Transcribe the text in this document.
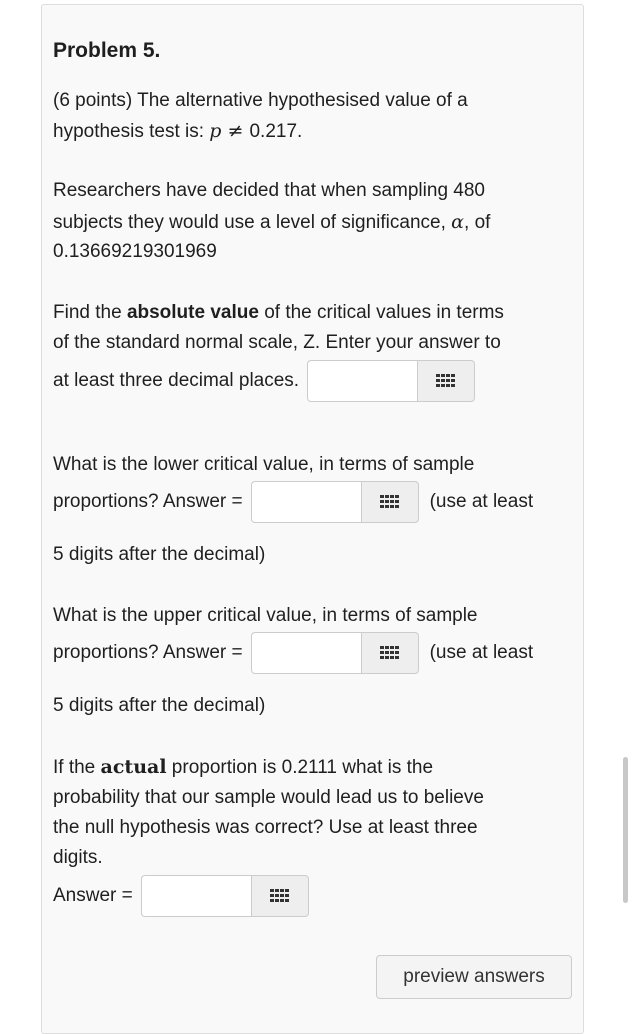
Problem 5.
(6 points) The alternative hypothesised value of a
hypothesis test is: p ≠ 0.217.
Researchers have decided that when sampling 480
subjects they would use a level of significance, α, of
0.13669219301969
Find the absolute value of the critical values in terms
of the standard normal scale, Z. Enter your answer to
at least three decimal places.
What is the lower critical value, in terms of sample
proportions? Answer =	(use at least
5 digits after the decimal)
What is the upper critical value, in terms of sample
proportions? Answer =	(use at least
5 digits after the decimal)
If the actual proportion is 0.2111 what is the
probability that our sample would lead us to believe
the null hypothesis was correct? Use at least three
digits.
Answer =
preview answers
